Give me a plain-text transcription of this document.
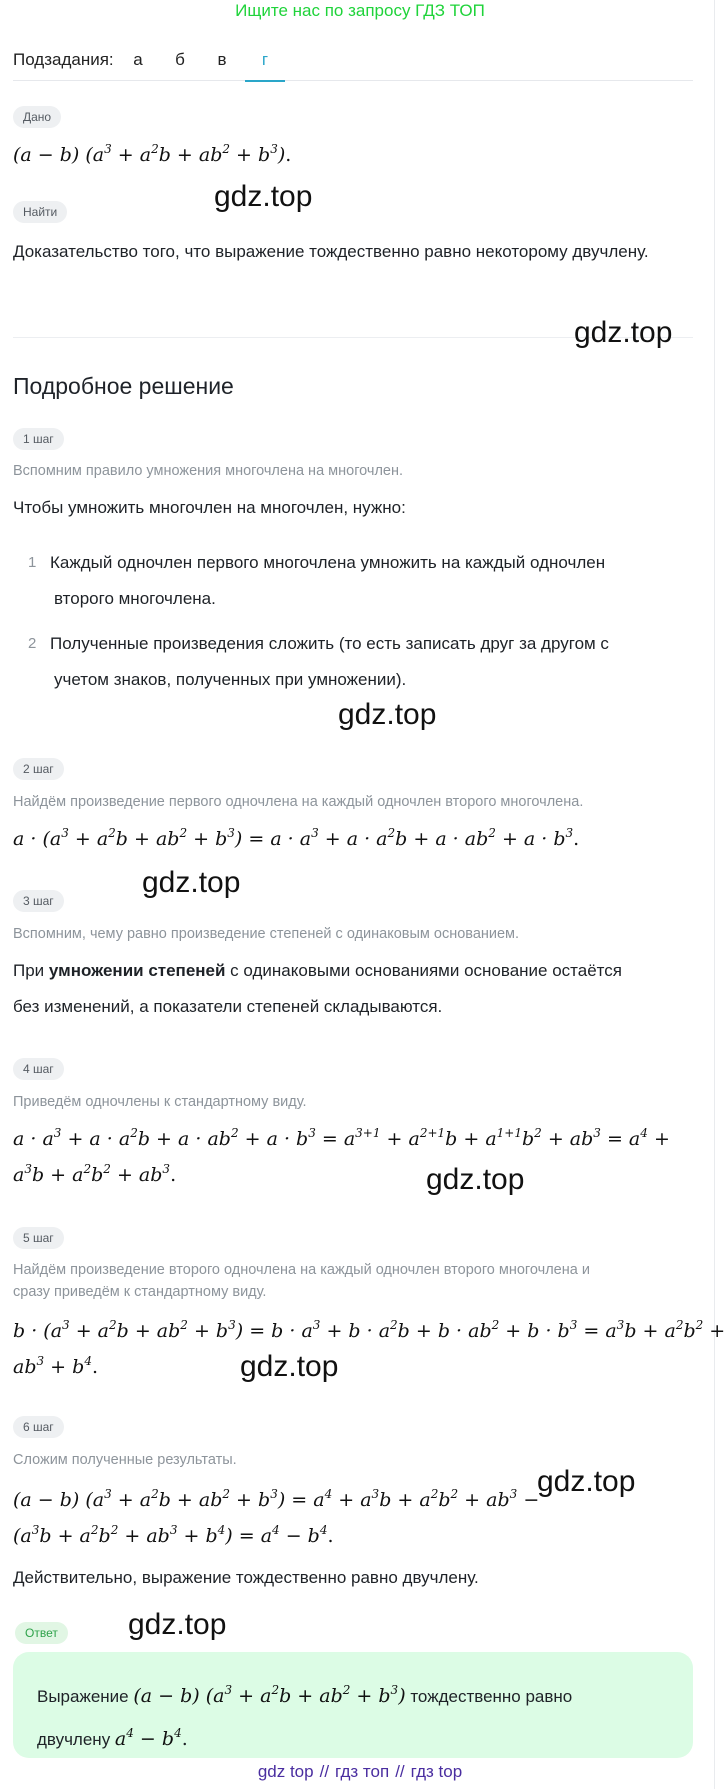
Ищите нас по запросу ГДЗ ТОП
Подзадания:	а	б	в	г
Дано
(a − b) $(a^3 + a^2b + ab^2 + b^3)$.
Найти	gdz.top
Доказательство того, что выражение тождественно равно некоторому двучлену.
gdz.top
Подробное решение
1 шаг
Вспомним правило умножения многочлена на многочлен.
Чтобы умножить многочлен на многочлен, нужно:
1 Каждый одночлен первого многочлена умножить на каждый одночлен
второго многочлена.
2 Полученные произведения сложить (то есть записать друг за другом с
учетом знаков, полученных при умножении).
gdz.top
2 шаг
Найдём произведение первого одночлена на каждый одночлен второго многочлена.
$a \cdot (a^3 + a^2b + ab^2 + b^3) = a \cdot a^3 + a \cdot a^2b + a \cdot ab^2 + a \cdot b^3$.
gdz.top
3 шаг
Вспомним, чему равно произведение степеней с одинаковым основанием.
При умножении степеней с одинаковыми основаниями основание остаётся
без изменений, а показатели степеней складываются.
4 шаг
Приведём одночлены к стандартному виду.
$a \cdot a^3 + a \cdot a^2b + a \cdot ab^2 + a \cdot b^3 = a^{3+1} + a^{2+1}b + a^{1+1}b^2 + ab^3 = a^4$ +
$a^3b + a^2b^2 + ab^3$.	gdz.top
5 шаг
Найдём произведение второго одночлена на каждый одночлен второго многочлена и
сразу приведём к стандартному виду.
$b \cdot (a^3 + a^2b + ab^2 + b^3) = b \cdot a^3 + b \cdot a^2b + b \cdot ab^2 + b \cdot b^3 = a^3b + a^2b^2$ +
$ab^3 + b^4$.	gdz.top
6 шаг
Сложим полученные результаты.
(a − b) $(a^3 + a^2b + ab^2 + b^3) = a^4 + a^3b + a^2b^2 + ab^3$ −
gdz.top
$(a^3b + a^2b^2 + ab^3 + b^4) = a^4 - b^4$.
Действительно, выражение тождественно равно двучлену.
Ответ	gdz.top
Выражение (a − b) $(a^3 + a^2b + ab^2 + b^3)$ тождественно равно
двучлену $a^4 - b^4$.
gdz top // гдз топ // гдз top
